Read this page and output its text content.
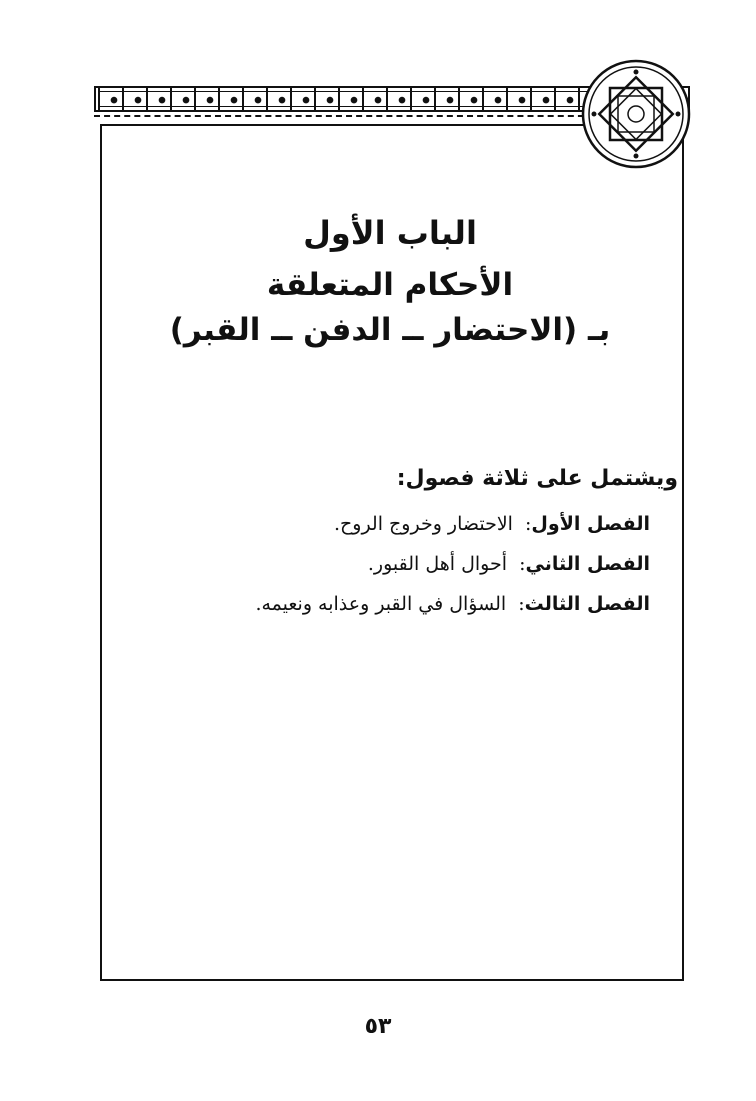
الباب الأول
الأحكام المتعلقة
بـ (الاحتضار ــ الدفن ــ القبر)
ويشتمل على ثلاثة فصول:
الفصل الأول: الاحتضار وخروج الروح.
الفصل الثاني: أحوال أهل القبور.
الفصل الثالث: السؤال في القبر وعذابه ونعيمه.
٥٣
